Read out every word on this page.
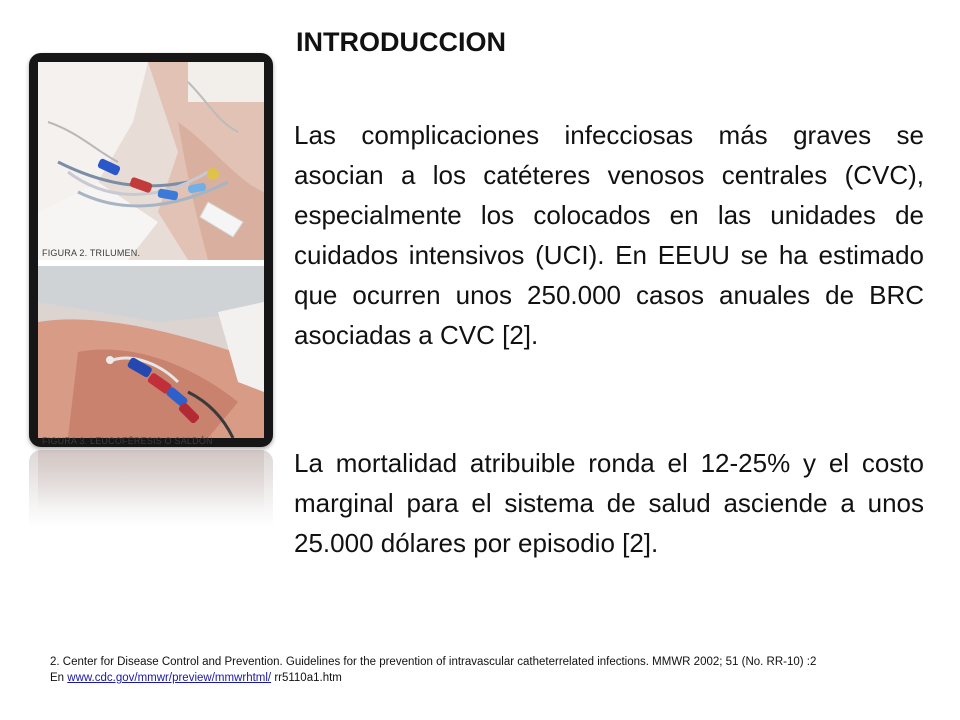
FIGURA 2. TRILUMEN.
FIGURA 3. LEUCOFÉRESIS O SALDÓN
INTRODUCCION

Las complicaciones infecciosas más graves se asocian a los catéteres venosos centrales (CVC), especialmente los colocados en las unidades de cuidados intensivos (UCI). En EEUU se ha estimado que ocurren unos 250.000 casos anuales de BRC asociadas a CVC [2].

La mortalidad atribuible ronda el 12-25% y el costo marginal para el sistema de salud asciende a unos 25.000 dólares por episodio [2].

2. Center for Disease Control and Prevention. Guidelines for the prevention of intravascular catheterrelated infections. MMWR 2002; 51 (No. RR-10) :2
En www.cdc.gov/mmwr/preview/mmwrhtml/ rr5110a1.htm
